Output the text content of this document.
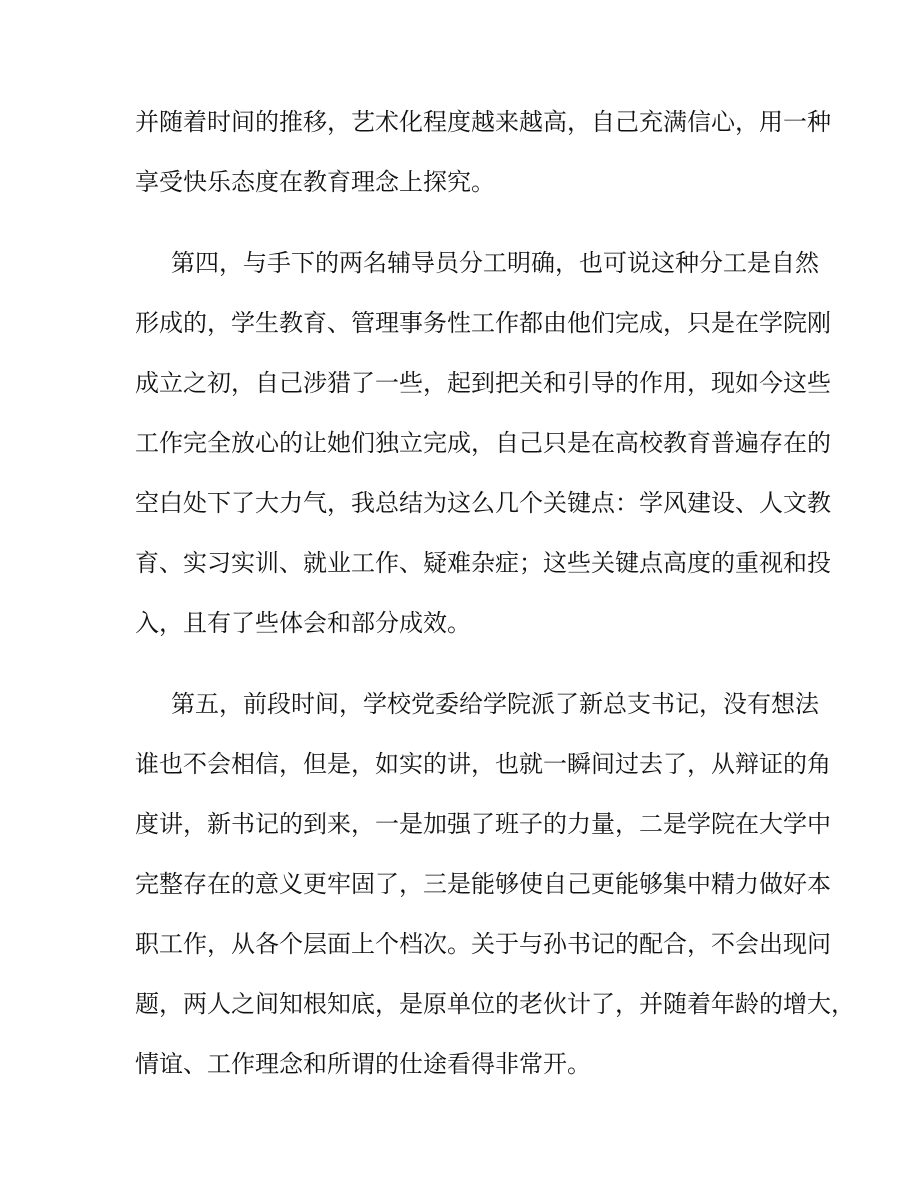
并随着时间的推移，艺术化程度越来越高，自己充满信心，用一种
享受快乐态度在教育理念上探究。
第四，与手下的两名辅导员分工明确，也可说这种分工是自然
形成的，学生教育、管理事务性工作都由他们完成，只是在学院刚
成立之初，自己涉猎了一些，起到把关和引导的作用，现如今这些
工作完全放心的让她们独立完成，自己只是在高校教育普遍存在的
空白处下了大力气，我总结为这么几个关键点：学风建设、人文教
育、实习实训、就业工作、疑难杂症；这些关键点高度的重视和投
入，且有了些体会和部分成效。
第五，前段时间，学校党委给学院派了新总支书记，没有想法
谁也不会相信，但是，如实的讲，也就一瞬间过去了，从辩证的角
度讲，新书记的到来，一是加强了班子的力量，二是学院在大学中
完整存在的意义更牢固了，三是能够使自己更能够集中精力做好本
职工作，从各个层面上个档次。关于与孙书记的配合，不会出现问
题，两人之间知根知底，是原单位的老伙计了，并随着年龄的增大，
情谊、工作理念和所谓的仕途看得非常开。
